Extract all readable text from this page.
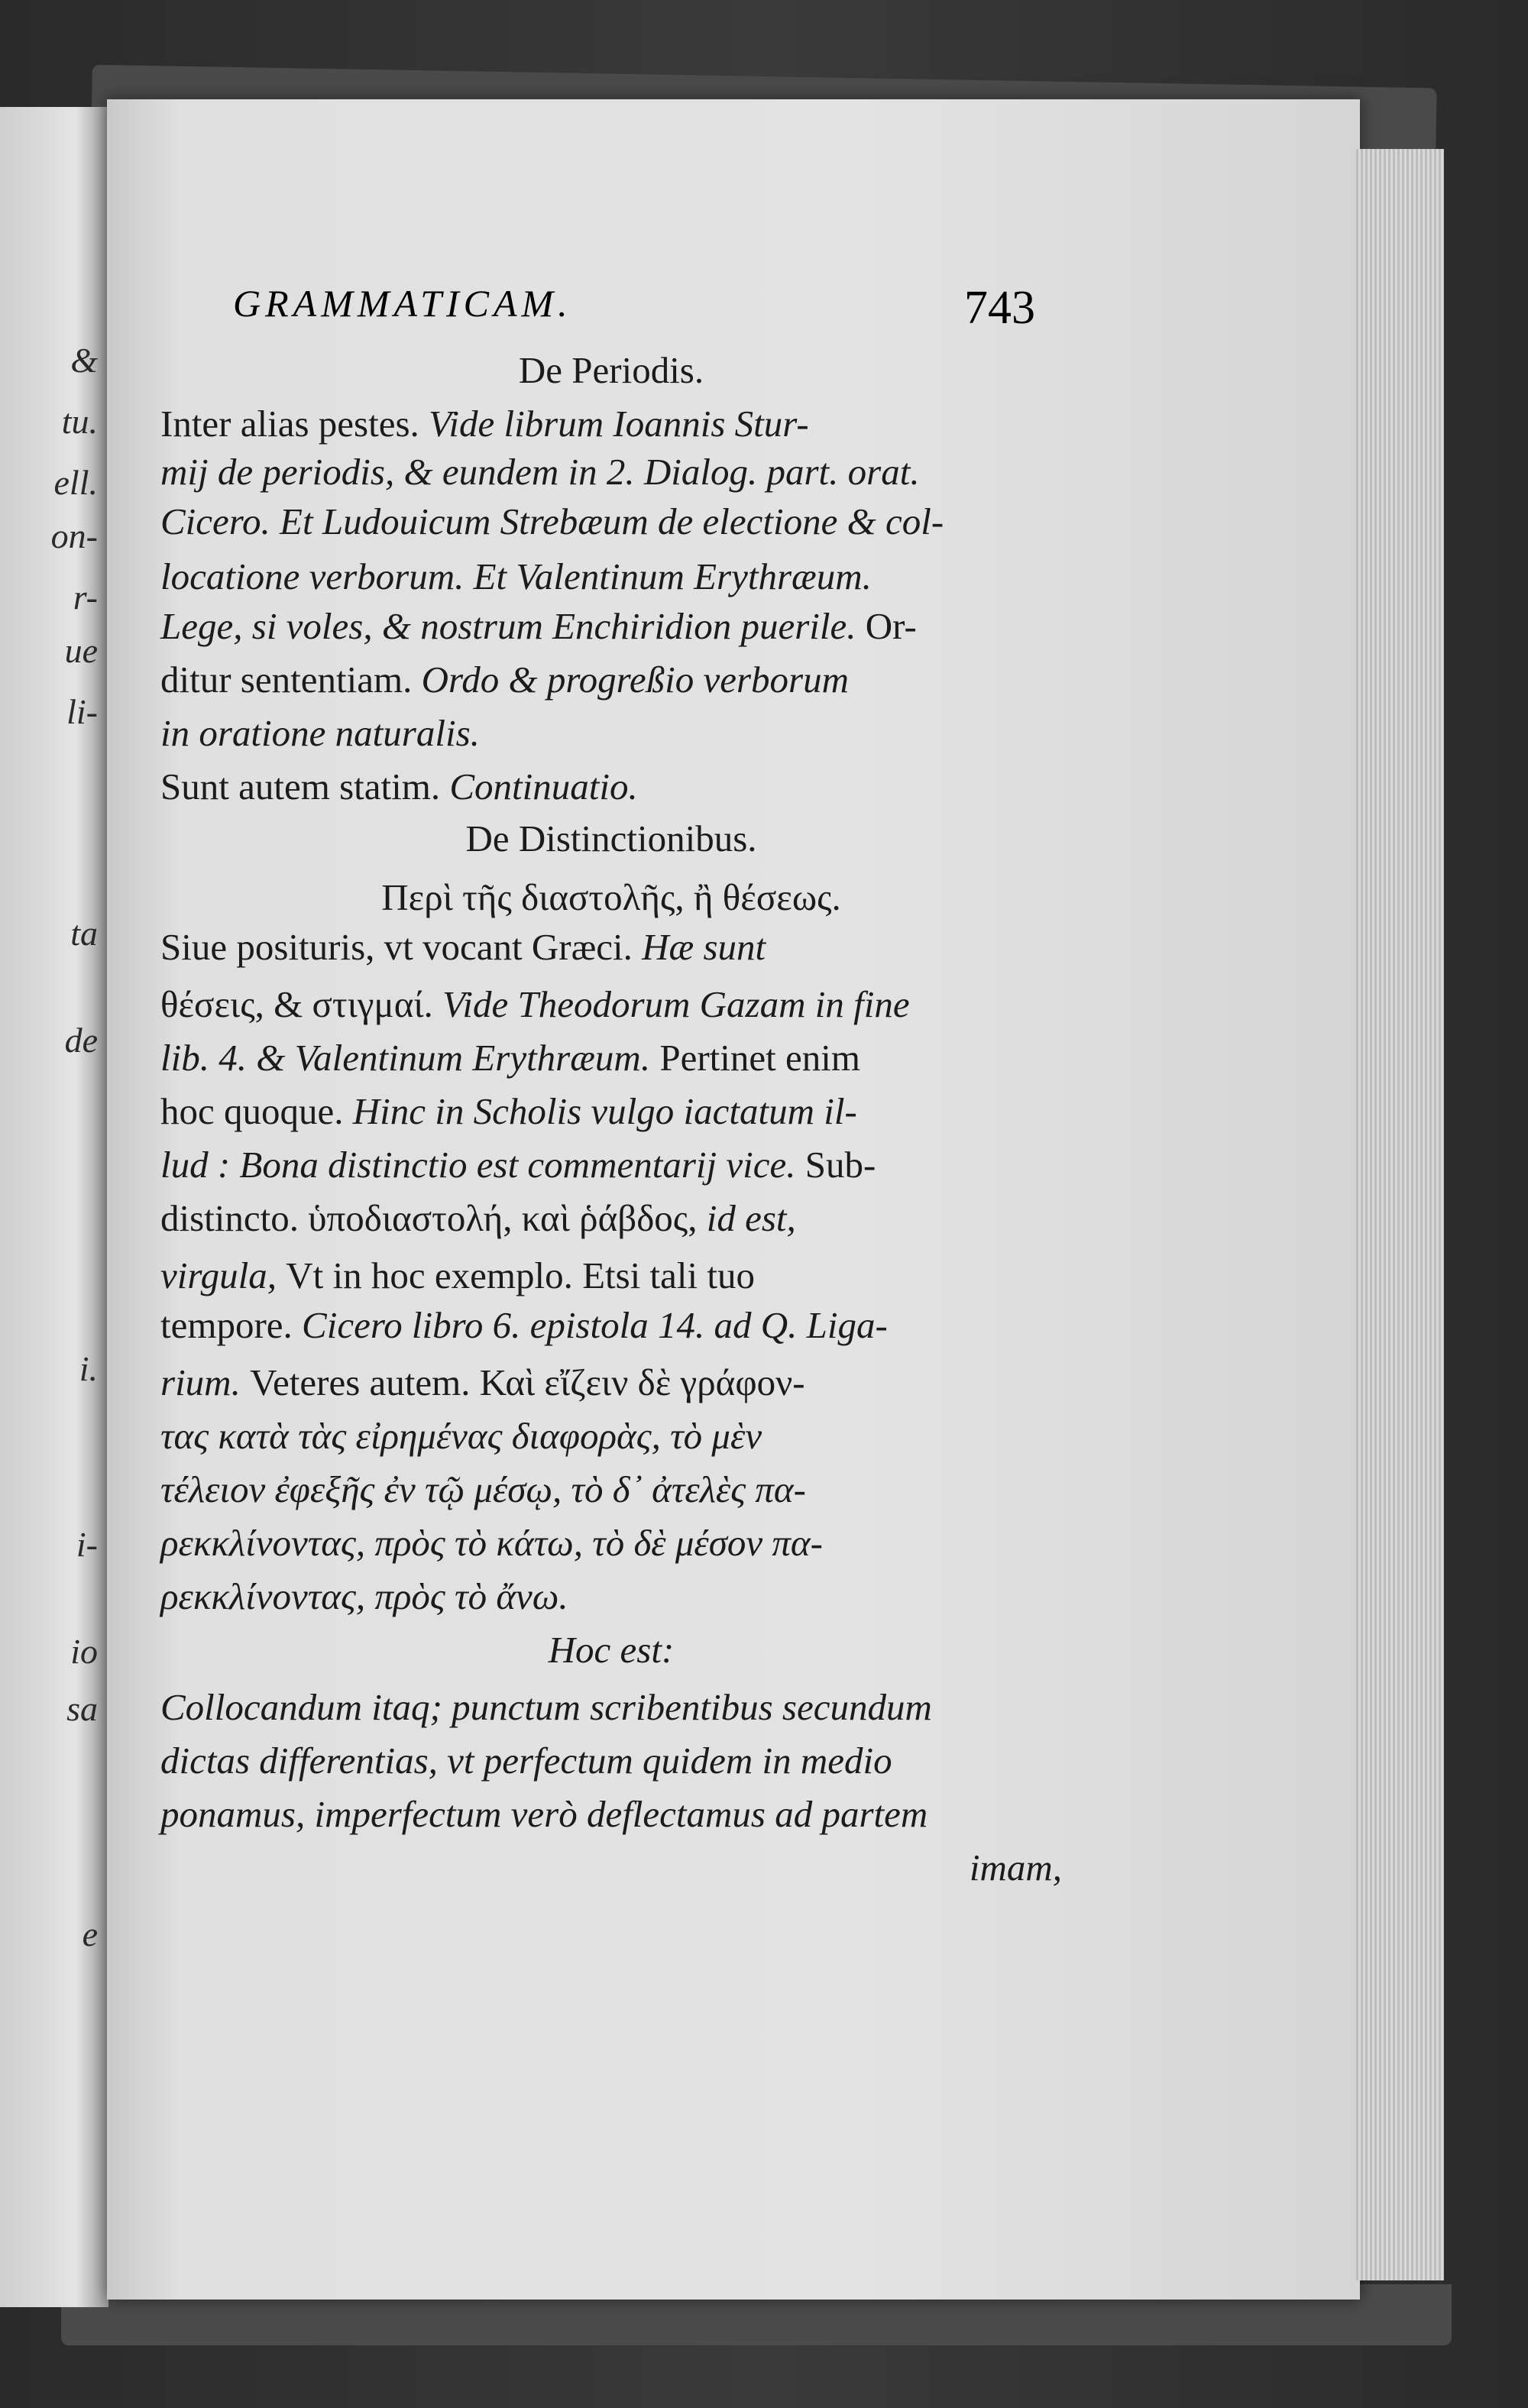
&
tu.
ell.
on-
r-
ue
li-
ta
de
i.
i-
io
sa
e
GRAMMATICAM.	743
De Periodis.
Inter alias pestes. Vide librum Ioannis Stur-
mij de periodis, & eundem in 2. Dialog. part. orat.
Cicero. Et Ludouicum Strebæum de electione & col-
locatione verborum. Et Valentinum Erythræum.
Lege, si voles, & nostrum Enchiridion puerile. Or-
ditur sententiam. Ordo & progreßio verborum
in oratione naturalis.
Sunt autem statim. Continuatio.
De Distinctionibus.
Περὶ τῆς διαστολῆς, ἢ θέσεως.
Siue posituris, vt vocant Græci. Hæ sunt
θέσεις, & στιγμαί. Vide Theodorum Gazam in fine
lib. 4. & Valentinum Erythræum. Pertinet enim
hoc quoque. Hinc in Scholis vulgo iactatum il-
lud : Bona distinctio est commentarij vice. Sub-
distincto. ὑποδιαστολή, καὶ ῥάβδος, id est,
virgula, Vt in hoc exemplo. Etsi tali tuo
tempore. Cicero libro 6. epistola 14. ad Q. Liga-
rium. Veteres autem. Καὶ εἴζειν δὲ γράφον-
τας κατὰ τὰς εἰρημένας διαφορὰς, τὸ μὲν
τέλειον ἐφεξῆς ἐν τῷ μέσῳ, τὸ δ᾽ ἀτελὲς πα-
ρεκκλίνοντας, πρὸς τὸ κάτω, τὸ δὲ μέσον πα-
ρεκκλίνοντας, πρὸς τὸ ἄνω.
Hoc est:
Collocandum itaq; punctum scribentibus secundum
dictas differentias, vt perfectum quidem in medio
ponamus, imperfectum verò deflectamus ad partem
imam,
